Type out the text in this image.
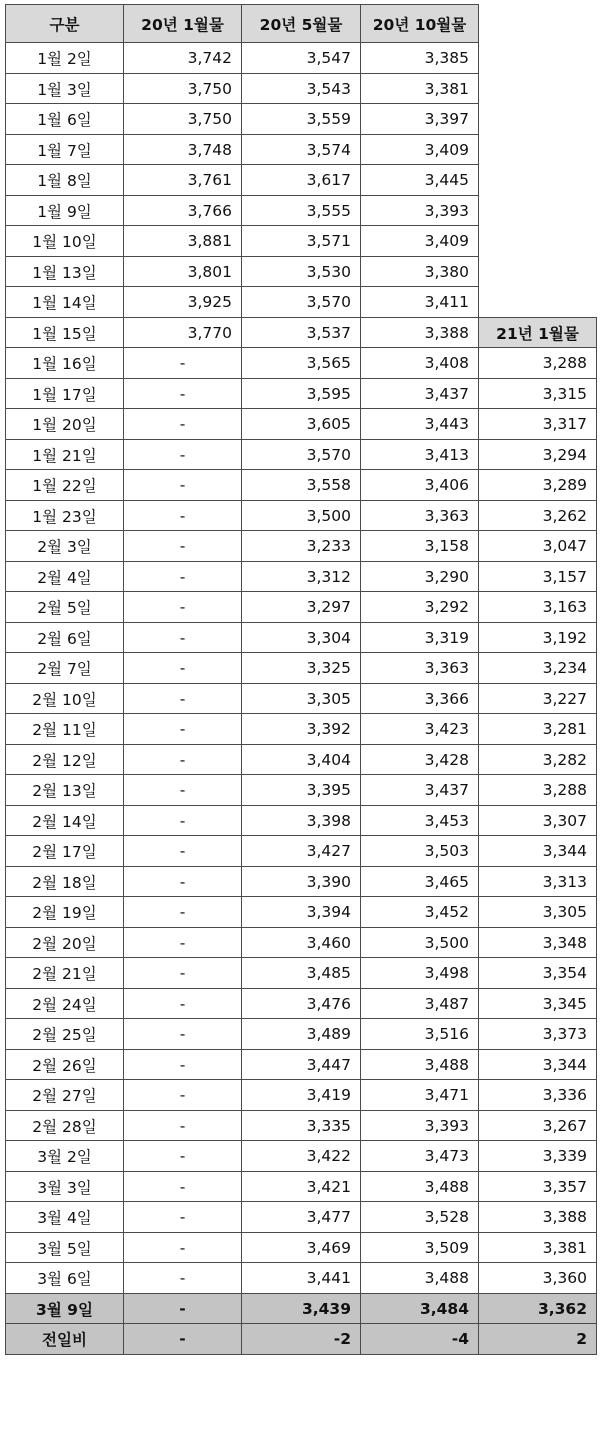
구분	20년 1월물	20년 5월물	20년 10월물
1월 2일	3,742	3,547	3,385
1월 3일	3,750	3,543	3,381
1월 6일	3,750	3,559	3,397
1월 7일	3,748	3,574	3,409
1월 8일	3,761	3,617	3,445
1월 9일	3,766	3,555	3,393
1월 10일	3,881	3,571	3,409
1월 13일	3,801	3,530	3,380
1월 14일	3,925	3,570	3,411
1월 15일	3,770	3,537	3,388	21년 1월물
1월 16일	-	3,565	3,408	3,288
1월 17일	-	3,595	3,437	3,315
1월 20일	-	3,605	3,443	3,317
1월 21일	-	3,570	3,413	3,294
1월 22일	-	3,558	3,406	3,289
1월 23일	-	3,500	3,363	3,262
2월 3일	-	3,233	3,158	3,047
2월 4일	-	3,312	3,290	3,157
2월 5일	-	3,297	3,292	3,163
2월 6일	-	3,304	3,319	3,192
2월 7일	-	3,325	3,363	3,234
2월 10일	-	3,305	3,366	3,227
2월 11일	-	3,392	3,423	3,281
2월 12일	-	3,404	3,428	3,282
2월 13일	-	3,395	3,437	3,288
2월 14일	-	3,398	3,453	3,307
2월 17일	-	3,427	3,503	3,344
2월 18일	-	3,390	3,465	3,313
2월 19일	-	3,394	3,452	3,305
2월 20일	-	3,460	3,500	3,348
2월 21일	-	3,485	3,498	3,354
2월 24일	-	3,476	3,487	3,345
2월 25일	-	3,489	3,516	3,373
2월 26일	-	3,447	3,488	3,344
2월 27일	-	3,419	3,471	3,336
2월 28일	-	3,335	3,393	3,267
3월 2일	-	3,422	3,473	3,339
3월 3일	-	3,421	3,488	3,357
3월 4일	-	3,477	3,528	3,388
3월 5일	-	3,469	3,509	3,381
3월 6일	-	3,441	3,488	3,360
3월 9일	-	3,439	3,484	3,362
전일비	-	-2	-4	2
